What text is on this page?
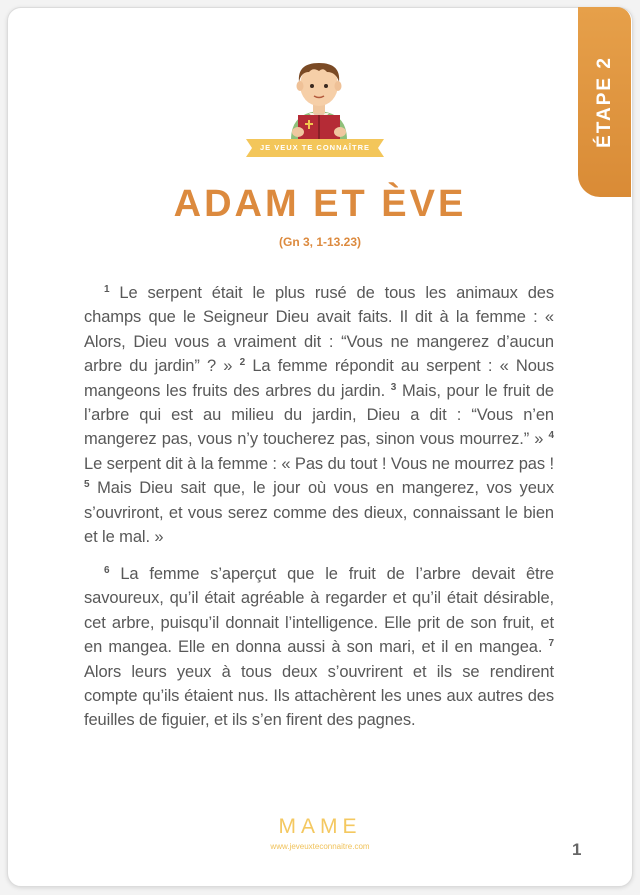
ÉTAPE 2
JE VEUX TE CONNAÎTRE
ADAM ET ÈVE
(Gn 3, 1-13.23)
$^1$ Le serpent était le plus rusé de tous les animaux des champs que le Seigneur Dieu avait faits. Il dit à la femme : « Alors, Dieu vous a vraiment dit : “Vous ne mangerez d’aucun arbre du jardin” ? » $^2$ La femme répondit au serpent : « Nous mangeons les fruits des arbres du jardin. $^3$ Mais, pour le fruit de l’arbre qui est au milieu du jardin, Dieu a dit : “Vous n’en mangerez pas, vous n’y toucherez pas, sinon vous mourrez.” » $^4$ Le serpent dit à la femme : « Pas du tout ! Vous ne mourrez pas ! $^5$ Mais Dieu sait que, le jour où vous en mangerez, vos yeux s’ouvriront, et vous serez comme des dieux, connaissant le bien et le mal. »
$^6$ La femme s’aperçut que le fruit de l’arbre devait être savoureux, qu’il était agréable à regarder et qu’il était désirable, cet arbre, puisqu’il donnait l’intelligence. Elle prit de son fruit, et en mangea. Elle en donna aussi à son mari, et il en mangea. $^7$ Alors leurs yeux à tous deux s’ouvrirent et ils se rendirent compte qu’ils étaient nus. Ils attachèrent les unes aux autres des feuilles de figuier, et ils s’en firent des pagnes.
MAME
www.jeveuxteconnaitre.com	1
